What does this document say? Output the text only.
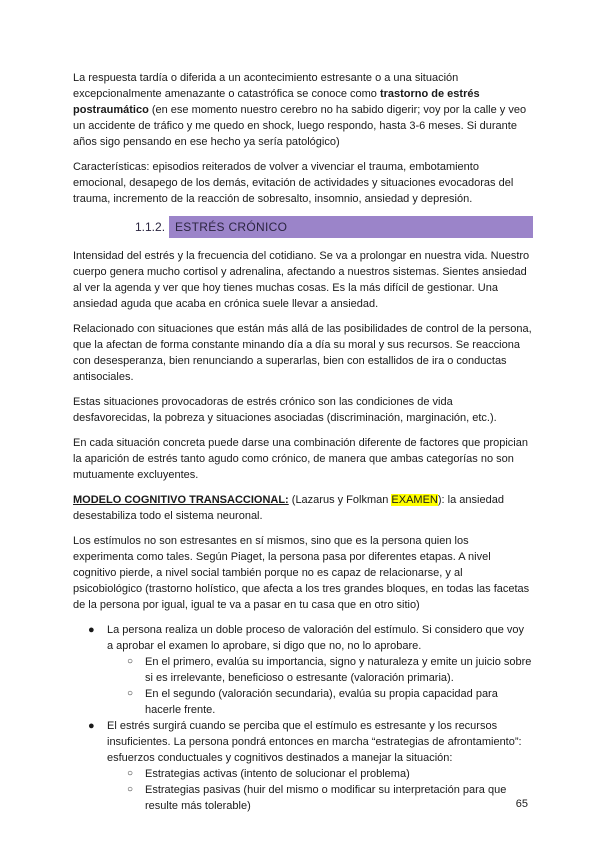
La respuesta tardía o diferida a un acontecimiento estresante o a una situación excepcionalmente amenazante o catastrófica se conoce como trastorno de estrés postraumático (en ese momento nuestro cerebro no ha sabido digerir; voy por la calle y veo un accidente de tráfico y me quedo en shock, luego respondo, hasta 3-6 meses. Si durante años sigo pensando en ese hecho ya sería patológico)

Características: episodios reiterados de volver a vivenciar el trauma, embotamiento emocional, desapego de los demás, evitación de actividades y situaciones evocadoras del trauma, incremento de la reacción de sobresalto, insomnio, ansiedad y depresión.

1.1.2. ESTRÉS CRÓNICO

Intensidad del estrés y la frecuencia del cotidiano. Se va a prolongar en nuestra vida. Nuestro cuerpo genera mucho cortisol y adrenalina, afectando a nuestros sistemas. Sientes ansiedad al ver la agenda y ver que hoy tienes muchas cosas. Es la más difícil de gestionar. Una ansiedad aguda que acaba en crónica suele llevar a ansiedad.

Relacionado con situaciones que están más allá de las posibilidades de control de la persona, que la afectan de forma constante minando día a día su moral y sus recursos. Se reacciona con desesperanza, bien renunciando a superarlas, bien con estallidos de ira o conductas antisociales.

Estas situaciones provocadoras de estrés crónico son las condiciones de vida desfavorecidas, la pobreza y situaciones asociadas (discriminación, marginación, etc.).

En cada situación concreta puede darse una combinación diferente de factores que propician la aparición de estrés tanto agudo como crónico, de manera que ambas categorías no son mutuamente excluyentes.

MODELO COGNITIVO TRANSACCIONAL: (Lazarus y Folkman EXAMEN): la ansiedad desestabiliza todo el sistema neuronal.

Los estímulos no son estresantes en sí mismos, sino que es la persona quien los experimenta como tales. Según Piaget, la persona pasa por diferentes etapas. A nivel cognitivo pierde, a nivel social también porque no es capaz de relacionarse, y al psicobiológico (trastorno holístico, que afecta a los tres grandes bloques, en todas las facetas de la persona por igual, igual te va a pasar en tu casa que en otro sitio)

● La persona realiza un doble proceso de valoración del estímulo. Si considero que voy a aprobar el examen lo aprobare, si digo que no, no lo aprobare.
○ En el primero, evalúa su importancia, signo y naturaleza y emite un juicio sobre si es irrelevante, beneficioso o estresante (valoración primaria).
○ En el segundo (valoración secundaria), evalúa su propia capacidad para hacerle frente.
● El estrés surgirá cuando se perciba que el estímulo es estresante y los recursos insuficientes. La persona pondrá entonces en marcha “estrategias de afrontamiento”: esfuerzos conductuales y cognitivos destinados a manejar la situación:
○ Estrategias activas (intento de solucionar el problema)
○ Estrategias pasivas (huir del mismo o modificar su interpretación para que resulte más tolerable)	65
